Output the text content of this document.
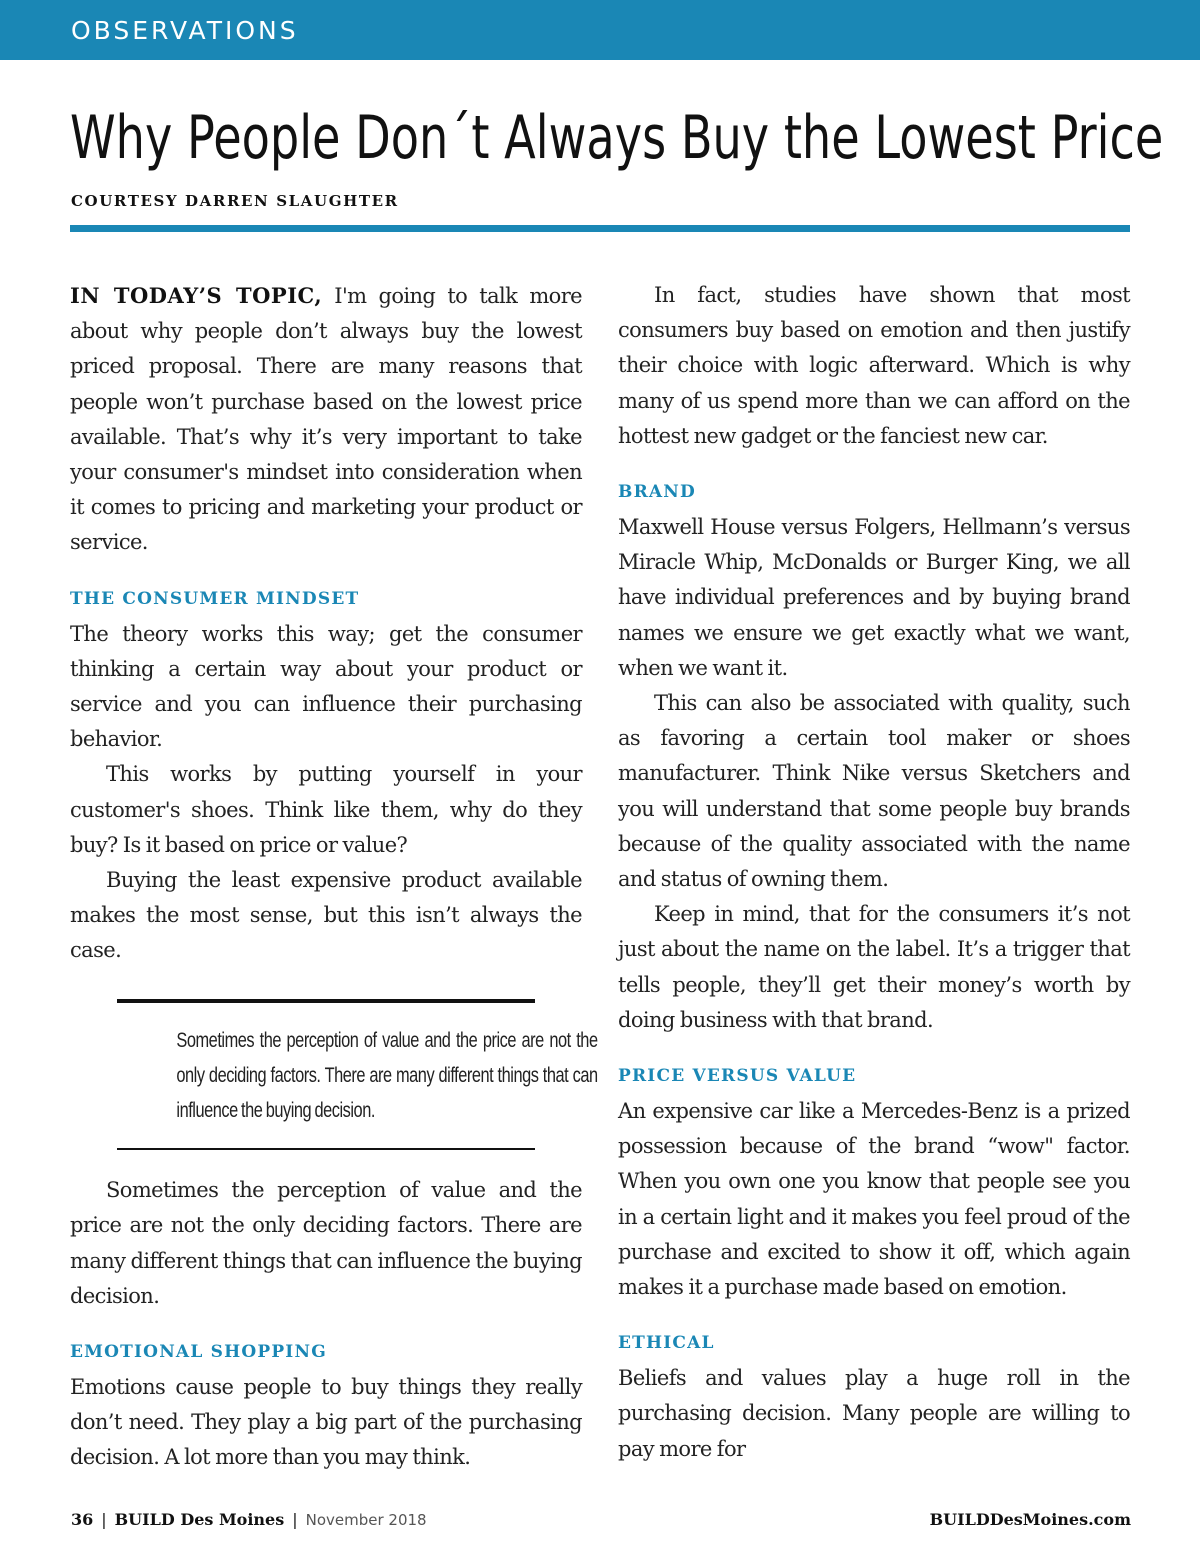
OBSERVATIONS
Why People Don´t Always Buy the Lowest Price
COURTESY DARREN SLAUGHTER

IN TODAY’S TOPIC, I'm going to talk more about why people don’t always buy the lowest priced proposal. There are many reasons that people won’t purchase based on the lowest price available. That’s why it’s very important to take your consumer's mindset into consideration when it comes to pricing and marketing your product or service.

THE CONSUMER MINDSET

The theory works this way; get the consumer thinking a certain way about your product or service and you can influence their purchasing behavior.

This works by putting yourself in your customer's shoes. Think like them, why do they buy? Is it based on price or value?

Buying the least expensive product available makes the most sense, but this isn’t always the case.

Sometimes the perception of value and the price are not the only deciding factors. There are many different things that can influence the buying decision.

Sometimes the perception of value and the price are not the only deciding factors. There are many different things that can influence the buying decision.

EMOTIONAL SHOPPING

Emotions cause people to buy things they really don’t need. They play a big part of the purchasing decision. A lot more than you may think.

In fact, studies have shown that most consumers buy based on emotion and then justify their choice with logic afterward. Which is why many of us spend more than we can afford on the hottest new gadget or the fanciest new car.

BRAND

Maxwell House versus Folgers, Hellmann’s versus Miracle Whip, McDonalds or Burger King, we all have individual preferences and by buying brand names we ensure we get exactly what we want, when we want it.

This can also be associated with quality, such as favoring a certain tool maker or shoes manufacturer. Think Nike versus Sketchers and you will understand that some people buy brands because of the quality associated with the name and status of owning them.

Keep in mind, that for the consumers it’s not just about the name on the label. It’s a trigger that tells people, they’ll get their money’s worth by doing business with that brand.

PRICE VERSUS VALUE

An expensive car like a Mercedes-Benz is a prized possession because of the brand “wow" factor. When you own one you know that people see you in a certain light and it makes you feel proud of the purchase and excited to show it off, which again makes it a purchase made based on emotion.

ETHICAL

Beliefs and values play a huge roll in the purchasing decision. Many people are willing to pay more for

36 | BUILD Des Moines | November 2018	BUILDDesMoines.com
